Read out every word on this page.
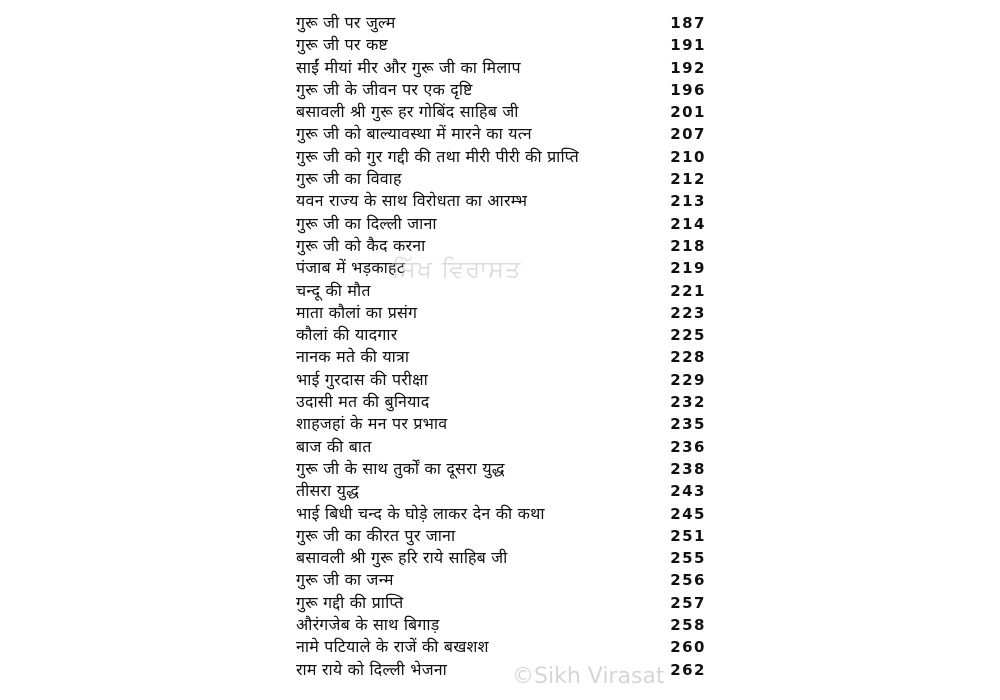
गुरू जी पर जुल्म	187
गुरू जी पर कष्ट	191
साईं मीयां मीर और गुरू जी का मिलाप	192
गुरू जी के जीवन पर एक दृष्टि	196
बसावली श्री गुरू हर गोबिंद साहिब जी	201
गुरू जी को बाल्यावस्था में मारने का यत्न	207
गुरू जी को गुर गद्दी की तथा मीरी पीरी की प्राप्ति	210
गुरू जी का विवाह	212
यवन राज्य के साथ विरोधता का आरम्भ	213
गुरू जी का दिल्ली जाना	214
गुरू जी को कैद करना	218
पंजाब में भड़काहट	219
चन्दू की मौत	221
माता कौलां का प्रसंग	223
कौलां की यादगार	225
नानक मते की यात्रा	228
भाई गुरदास की परीक्षा	229
उदासी मत की बुनियाद	232
शाहजहां के मन पर प्रभाव	235
बाज की बात	236
गुरू जी के साथ तुर्कों का दूसरा युद्ध	238
तीसरा युद्ध	243
भाई बिधी चन्द के घोड़े लाकर देन की कथा	245
गुरू जी का कीरत पुर जाना	251
बसावली श्री गुरू हरि राये साहिब जी	255
गुरू जी का जन्म	256
गुरू गद्दी की प्राप्ति	257
औरंगजेब के साथ बिगाड़	258
नामे पटियाले के राजें की बखशश	260
राम राये को दिल्ली भेजना	262
ਸਿੱਖ ਵਿਰਾਸਤ
©Sikh Virasat
